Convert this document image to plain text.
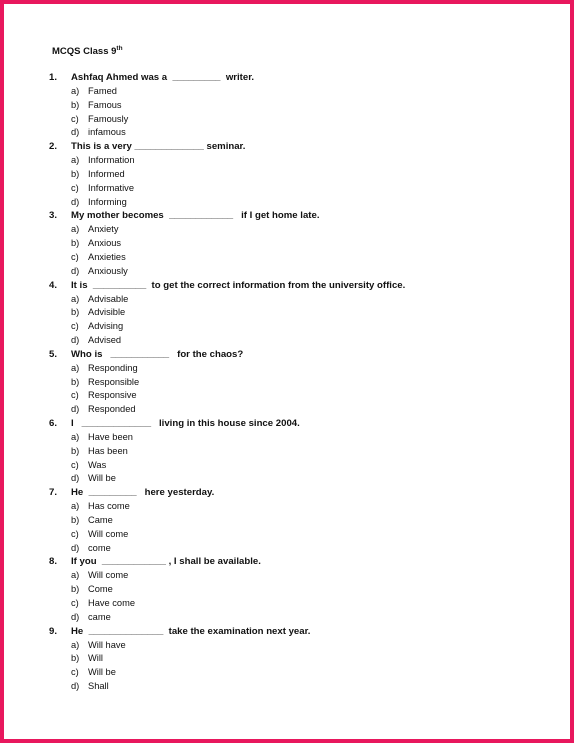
MCQS Class 9th
1.	Ashfaq Ahmed was a  _________  writer.
a) Famed
b) Famous
c) Famously
d) infamous
2.	This is a very _____________ seminar.
a) Information
b) Informed
c) Informative
d) Informing
3.	My mother becomes  ____________   if I get home late.
a) Anxiety
b) Anxious
c) Anxieties
d) Anxiously
4.	It is  __________  to get the correct information from the university office.
a) Advisable
b) Advisible
c) Advising
d) Advised
5.	Who is   ___________   for the chaos?
a) Responding
b) Responsible
c) Responsive
d) Responded
6.	I   _____________   living in this house since 2004.
a) Have been
b) Has been
c) Was
d) Will be
7.	He  _________   here yesterday.
a) Has come
b) Came
c) Will come
d) come
8.	If you  ____________ , I shall be available.
a) Will come
b) Come
c) Have come
d) came
9.	He  ______________  take the examination next year.
a) Will have
b) Will
c) Will be
d) Shall
